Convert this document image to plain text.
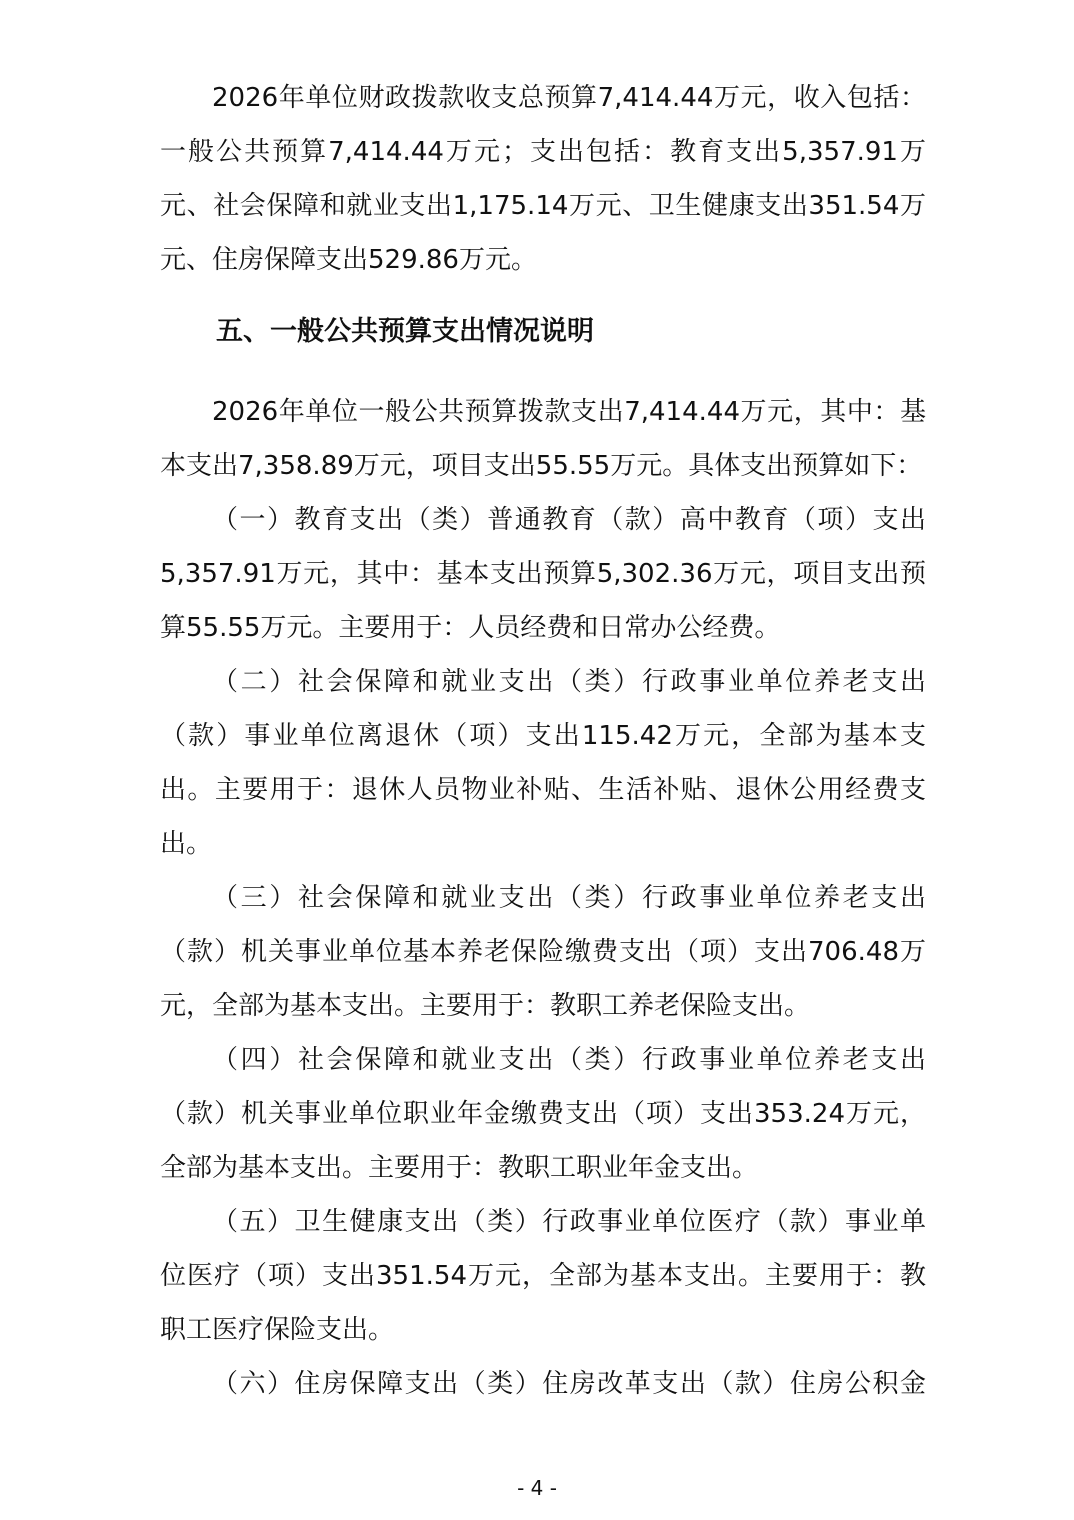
2026年单位财政拨款收支总预算7,414.44万元，收入包括：
一般公共预算7,414.44万元；支出包括：教育支出5,357.91万
元、社会保障和就业支出1,175.14万元、卫生健康支出351.54万
元、住房保障支出529.86万元。
五、一般公共预算支出情况说明
2026年单位一般公共预算拨款支出7,414.44万元，其中：基
本支出7,358.89万元，项目支出55.55万元。具体支出预算如下：
（一）教育支出（类）普通教育（款）高中教育（项）支出
5,357.91万元，其中：基本支出预算5,302.36万元，项目支出预
算55.55万元。主要用于：人员经费和日常办公经费。
（二）社会保障和就业支出（类）行政事业单位养老支出
（款）事业单位离退休（项）支出115.42万元，全部为基本支
出。主要用于：退休人员物业补贴、生活补贴、退休公用经费支
出。
（三）社会保障和就业支出（类）行政事业单位养老支出
（款）机关事业单位基本养老保险缴费支出（项）支出706.48万
元，全部为基本支出。主要用于：教职工养老保险支出。
（四）社会保障和就业支出（类）行政事业单位养老支出
（款）机关事业单位职业年金缴费支出（项）支出353.24万元，
全部为基本支出。主要用于：教职工职业年金支出。
（五）卫生健康支出（类）行政事业单位医疗（款）事业单
位医疗（项）支出351.54万元，全部为基本支出。主要用于：教
职工医疗保险支出。
（六）住房保障支出（类）住房改革支出（款）住房公积金
- 4 -
